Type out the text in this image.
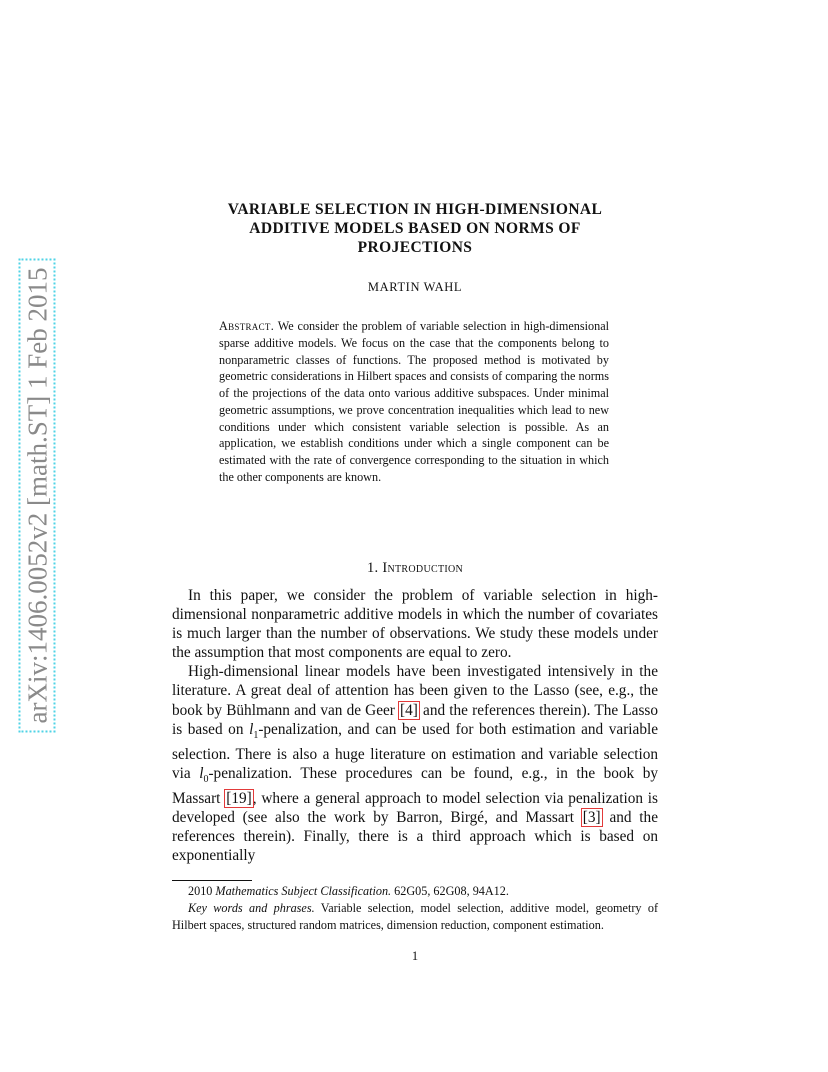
arXiv:1406.0052v2 [math.ST] 1 Feb 2015
VARIABLE SELECTION IN HIGH-DIMENSIONAL
ADDITIVE MODELS BASED ON NORMS OF
PROJECTIONS
MARTIN WAHL
Abstract. We consider the problem of variable selection in high-dimensional sparse additive models. We focus on the case that the components belong to nonparametric classes of functions. The proposed method is motivated by geometric considerations in Hilbert spaces and consists of comparing the norms of the projections of the data onto various additive subspaces. Under minimal geometric assumptions, we prove concentration inequalities which lead to new conditions under which consistent variable selection is possible. As an application, we establish conditions under which a single component can be estimated with the rate of convergence corresponding to the situation in which the other components are known.
1. Introduction

In this paper, we consider the problem of variable selection in high-dimensional nonparametric additive models in which the number of covariates is much larger than the number of observations. We study these models under the assumption that most components are equal to zero.

High-dimensional linear models have been investigated intensively in the literature. A great deal of attention has been given to the Lasso (see, e.g., the book by Bühlmann and van de Geer [4] and the references therein). The Lasso is based on $l_1$-penalization, and can be used for both estimation and variable selection. There is also a huge literature on estimation and variable selection via $l_0$-penalization. These procedures can be found, e.g., in the book by Massart [19], where a general approach to model selection via penalization is developed (see also the work by Barron, Birgé, and Massart [3] and the references therein). Finally, there is a third approach which is based on exponentially

2010 Mathematics Subject Classification. 62G05, 62G08, 94A12.

Key words and phrases. Variable selection, model selection, additive model, geometry of Hilbert spaces, structured random matrices, dimension reduction, component estimation.

1
